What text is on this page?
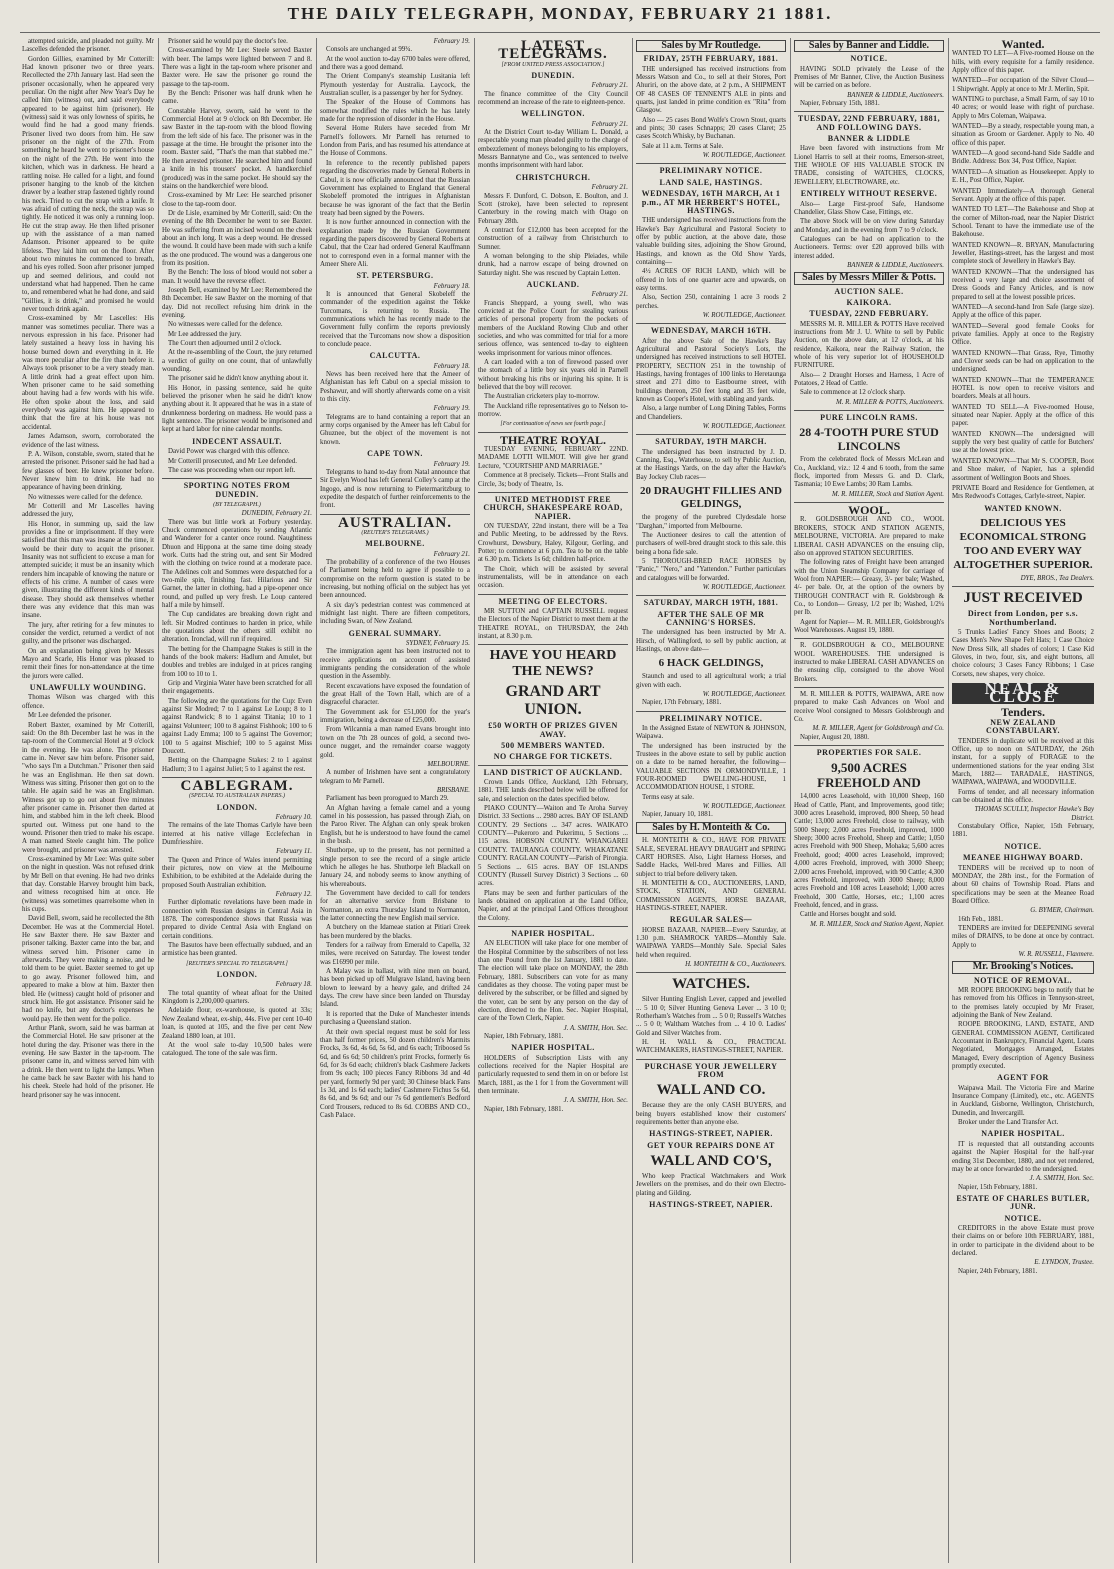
THE DAILY TELEGRAPH, MONDAY, FEBRUARY 21 1881.

attempted suicide, and pleaded not guilty. Mr Lascelles defended the prisoner.

Gordon Gillies, examined by Mr Cotterill: Had known prisoner two or three years. Recollected the 27th January last. Had seen the prisoner occasionally, when he appeared very peculiar. On the night after New Year's Day he called him (witness) out, and said everybody appeared to be against him (prisoner). He (witness) said it was only lowness of spirits, he would find he had a good many friends. Prisoner lived two doors from him. He saw prisoner on the night of the 27th. From something he heard he went to prisoner's house on the night of the 27th. He went into the kitchen, which was in darkness. He heard a rattling noise. He called for a light, and found prisoner hanging to the knob of the kitchen drawer by a leather strap fastened tightly round his neck. Tried to cut the strap with a knife. It was afraid of cutting the neck, the strap was so tightly. He noticed it was only a running loop. He cut the strap away. He then lifted prisoner up with the assistance of a man named Adamson. Prisoner appeared to be quite lifeless. They laid him out on the floor. After about two minutes he commenced to breath, and his eyes rolled. Soon after prisoner jumped up and seemed delirious, and could not understand what had happened. Then he came to, and remembered what he had done, and said "Gillies, it is drink," and promised he would never touch drink again.

Cross-examined by Mr Lascelles: His manner was sometimes peculiar. There was a nervous expression in his face. Prisoner had lately sustained a heavy loss in having his house burned down and everything in it. He was more peculiar after the fire than before it. Always took prisoner to be a very steady man. A little drink had a great effect upon him. When prisoner came to he said something about having had a few words with his wife. He often spoke about the loss, and said everybody was against him. He appeared to think that the fire at his house was not accidental.

James Adamson, sworn, corroborated the evidence of the last witness.

P. A. Wilson, constable, sworn, stated that he arrested the prisoner. Prisoner said he had had a few glasses of beer. He knew prisoner before. Never knew him to drink. He had no appearance of having been drinking.

No witnesses were called for the defence.

Mr Cotterill and Mr Lascelles having addressed the jury,

His Honor, in summing up, said the law provides a fine or imprisonment. If they were satisfied that this man was insane at the time, it would be their duty to acquit the prisoner. Insanity was not sufficient to excuse a man for attempted suicide; it must be an insanity which renders him incapable of knowing the nature or effects of his crime. A number of cases were given, illustrating the different kinds of mental disease. They should ask themselves whether there was any evidence that this man was insane.

The jury, after retiring for a few minutes to consider the verdict, returned a verdict of not guilty, and the prisoner was discharged.

On an explanation being given by Messrs Mayo and Scarle, His Honor was pleased to remit their fines for non-attendance at the time the jurors were called.

UNLAWFULLY WOUNDING.

Thomas Wilson was charged with this offence.

Mr Lee defended the prisoner.

Robert Baxter, examined by Mr Cotterill, said: On the 8th December last he was in the tap-room of the Commercial Hotel at 9 o'clock in the evening. He was alone. The prisoner came in. Never saw him before. Prisoner said, "who says I'm a Dutchman." Prisoner then said he was an Englishman. He then sat down. Witness was sitting. Prisoner then got on to the table. He again said he was an Englishman. Witness got up to go out about five minutes after prisoner came in. Prisoner then darted at him, and stabbed him in the left cheek. Blood spurted out. Witness put one hand to the wound. Prisoner then tried to make his escape. A man named Steele caught him. The police were brought, and prisoner was arrested.

Cross-examined by Mr Lee: Was quite sober on the night in question. Was not refused drink by Mr Bell on that evening. He had two drinks that day. Constable Harvey brought him back, and witness recognised him at once. He (witness) was sometimes quarrelsome when in his cups.

David Bell, sworn, said he recollected the 8th December. He was at the Commercial Hotel. He saw Baxter there. He saw Baxter and prisoner talking. Baxter came into the bar, and witness served him. Prisoner came in afterwards. They were making a noise, and he told them to be quiet. Baxter seemed to get up to go away. Prisoner followed him, and appeared to make a blow at him. Baxter then bled. He (witness) caught hold of prisoner and struck him. He got assistance. Prisoner said he had no knife, but any doctor's expenses he would pay. He then went for the police.

Arthur Plank, sworn, said he was barman at the Commercial Hotel. He saw prisoner at the hotel during the day. Prisoner was there in the evening. He saw Baxter in the tap-room. The prisoner came in, and witness served him with a drink. He then went to light the lamps. When he came back he saw Baxter with his hand to his cheek. Steele had hold of the prisoner. He heard prisoner say he was innocent.

Prisoner said he would pay the doctor's fee.

Cross-examined by Mr Lee: Steele served Baxter with beer. The lamps were lighted between 7 and 8. There was a light in the tap-room where prisoner and Baxter were. He saw the prisoner go round the passage to the tap-room.

By the Bench: Prisoner was half drunk when he came.

Constable Harvey, sworn, said he went to the Commercial Hotel at 9 o'clock on 8th December. He saw Baxter in the tap-room with the blood flowing from the left side of his face. The prisoner was in the passage at the time. He brought the prisoner into the room. Baxter said, "That's the man that stabbed me." He then arrested prisoner. He searched him and found a knife in his trousers' pocket. A handkerchief (produced) was in the same pocket. He should say the stains on the handkerchief were blood.

Cross-examined by Mr Lee: He searched prisoner close to the tap-room door.

Dr de Lisle, examined by Mr Cotterill, said: On the evening of the 8th December he went to see Baxter. He was suffering from an incised wound on the cheek about an inch long. It was a deep wound. He dressed the wound. It could have been made with such a knife as the one produced. The wound was a dangerous one from its position.

By the Bench: The loss of blood would not sober a man. It would have the reverse effect.

Joseph Bell, examined by Mr Lee: Remembered the 8th December. He saw Baxter on the morning of that day. Did not recollect refusing him drink in the evening.

No witnesses were called for the defence.

Mr Lee addressed the jury.

The Court then adjourned until 2 o'clock.

At the re-assembling of the Court, the jury returned a verdict of guilty on one count, that of unlawfully wounding.

The prisoner said he didn't know anything about it.

His Honor, in passing sentence, said he quite believed the prisoner when he said he didn't know anything about it. It appeared that he was in a state of drunkenness bordering on madness. He would pass a light sentence. The prisoner would be imprisoned and kept at hard labor for nine calendar months.

INDECENT ASSAULT.

David Power was charged with this offence.

Mr Cotterill prosecuted, and Mr Lee defended.

The case was proceeding when our report left.

SPORTING NOTES FROM DUNEDIN.
(BY TELEGRAPH.)
DUNEDIN, February 21.

There was but little work at Forbury yesterday. Chuck commenced operations by sending Atlantic and Wanderer for a canter once round. Naughtiness Dhuon and Hippona at the same time doing steady work. Cutts had the string out, and sent Sir Modred with the clothing on twice round at a moderate pace. The Adelines colt and Sommes were despatched for a two-mile spin, finishing fast. Hilarious and Sir Garnet, the latter in clothing, had a pipe-opener once round, and pulled up very fresh. Le Loup cantered half a mile by himself.

The Cup candidates are breaking down right and left. Sir Modred continues to harden in price, while the quotations about the others still exhibit no alteration. Ironclad, will run if required.

The betting for the Champagne Stakes is still in the hands of the book makers: Hadlum and Amulet, but doubles and trebles are indulged in at prices ranging from 100 to 10 to 1.

Grip and Virginia Water have been scratched for all their engagements.

The following are the quotations for the Cup: Even against Sir Modred; 7 to 1 against Le Loup; 8 to 1 against Randwick; 8 to 1 against Titania; 10 to 1 against Volunteer; 100 to 8 against Fishhook; 100 to 6 against Lady Emma; 100 to 5 against The Governor; 100 to 5 against Mischief; 100 to 5 against Miss Doucett.

Betting on the Champagne Stakes: 2 to 1 against Hadlum; 3 to 1 against Juliet; 5 to 1 against the rest.

CABLEGRAM.
(SPECIAL TO AUSTRALIAN PAPERS.)
LONDON.
February 10.

The remains of the late Thomas Carlyle have been interred at his native village Ecclefechan in Dumfriesshire.

February 11.

The Queen and Prince of Wales intend permitting their pictures, now on view at the Melbourne Exhibition, to be exhibited at the Adelaide during the proposed South Australian exhibition.

February 12.

Further diplomatic revelations have been made in connection with Russian designs in Central Asia in 1878. The correspondence shows that Russia was prepared to divide Central Asia with England on certain conditions.

The Basutos have been effectually subdued, and an armistice has been granted.

[REUTER'S SPECIAL TO TELEGRAPH.]
LONDON.
February 18.

The total quantity of wheat afloat for the United Kingdom is 2,200,000 quarters.

Adelaide flour, ex-warehouse, is quoted at 33s; New Zealand wheat, ex-ship, 44s. Five per cent 10-40 loan, is quoted at 105, and the five per cent New Zealand 1880 loan, at 101.

At the wool sale to-day 10,500 bales were catalogued. The tone of the sale was firm.

February 19.

Consols are unchanged at 99¾.

At the wool auction to-day 6700 bales were offered, and there was a good demand.

The Orient Company's steamship Lusitania left Plymouth yesterday for Australia. Laycock, the Australian sculler, is a passenger by her for Sydney.

The Speaker of the House of Commons has somewhat modified the rules which he has lately made for the repression of disorder in the House.

Several Home Rulers have seceded from Mr Parnell's followers. Mr Parnell has returned to London from Paris, and has resumed his attendance at the House of Commons.

In reference to the recently published papers regarding the discoveries made by General Roberts in Cabul, it is now officially announced that the Russian Government has explained to England that General Skobeleff promoted the intrigues in Afghanistan because he was ignorant of the fact that the Berlin treaty had been signed by the Powers.

It is now further announced in connection with the explanation made by the Russian Government regarding the papers discovered by General Roberts at Cabul, that the Czar had ordered General Kauffmann not to correspond even in a formal manner with the Ameer Shere Ali.

ST. PETERSBURG.
February 18.

It is announced that General Skobeleff the commander of the expedition against the Tekke Turcomans, is returning to Russia. The communications which he has recently made to the Government fully confirm the reports previously received that the Turcomans now show a disposition to conclude peace.

CALCUTTA.
February 18.

News has been received here that the Ameer of Afghanistan has left Cabul on a special mission to Peshawur, and will shortly afterwards come on a visit to this city.

February 19.

Telegrams are to hand containing a report that an army corps organised by the Ameer has left Cabul for Ghuznee, but the object of the movement is not known.

CAPE TOWN.
February 19.

Telegrams to hand to-day from Natal announce that Sir Evelyn Wood has left General Colley's camp at the Ingogo, and is now returning to Pietermaritzburg to expedite the despatch of further reinforcements to the front.

AUSTRALIAN.
(REUTER'S TELEGRAMS.)
MELBOURNE.
February 21.

The probability of a conference of the two Houses of Parliament being held to agree if possible to a compromise on the reform question is stated to be increasing, but nothing official on the subject has yet been announced.

A six day's pedestrian contest was commenced at midnight last night. There are fifteen competitors, including Swan, of New Zealand.

GENERAL SUMMARY.
SYDNEY, February 15.

The immigration agent has been instructed not to receive applications on account of assisted immigrants pending the consideration of the whole question in the Assembly.

Recent excavations have exposed the foundation of the great Hall of the Town Hall, which are of a disgraceful character.

The Government ask for £51,000 for the year's immigration, being a decrease of £25,000.

From Wilcannia a man named Evans brought into town on the 7th 28 ounces of gold, a second two-ounce nugget, and the remainder coarse waggoty gold.

MELBOURNE.

A number of Irishmen have sent a congratulatory telegram to Mr Parnell.

BRISBANE.

Parliament has been prorogued to March 29.

An Afghan having a female camel and a young camel in his possession, has passed through Ziah, on the Paroo River. The Afghan can only speak broken English, but he is understood to have found the camel in the bush.

Shuthorpe, up to the present, has not permitted a single person to see the record of a single article which he alleges he has. Shuthorpe left Blackall on January 24, and nobody seems to know anything of his whereabouts.

The Government have decided to call for tenders for an alternative service from Brisbane to Normanton, an extra Thursday Island to Normanton, the latter connecting the new English mail service.

A butchery on the Idameae station at Pitiari Creek has been murdered by the blacks.

Tenders for a railway from Emerald to Capella, 32 miles, were received on Saturday. The lowest tender was £16990 per mile.

A Malay was in ballast, with nine men on board, has been picked up off Mulgrave Island, having been blown to leeward by a heavy gale, and drifted 24 days. The crew have since been landed on Thursday Island.

It is reported that the Duke of Manchester intends purchasing a Queensland station.

At their own special request must be sold for less than half former prices, 50 dozen children's Marmits Frocks, 3s 6d, 4s 6d, 5s 6d, and 6s each; Triboosed 5s 6d, and 6s 6d; 50 children's print Frocks, formerly 6s 6d, for 3s 6d each; children's black Cashmere Jackets from 9s each; 100 pieces Fancy Ribbons 3d and 4d per yard, formerly 9d per yard; 30 Chinese black Fans 1s 3d, and 1s 6d each; ladies' Cashmere Fichus 5s 6d, 8s 6d, and 9s 6d; and our 7s 6d gentlemen's Bedford Cord Trousers, reduced to 8s 6d. COBBS AND CO., Cash Palace.

LATEST TELEGRAMS.
[FROM UNITED PRESS ASSOCIATION.]
DUNEDIN.
February 21.

The finance committee of the City Council recommend an increase of the rate to eighteen-pence.

WELLINGTON.
February 21.

At the District Court to-day William L. Donald, a respectable young man pleaded guilty to the charge of embezzlement of moneys belonging to his employers, Messrs Bannatyne and Co., was sentenced to twelve months imprisonment with hard labor.

CHRISTCHURCH.
February 21.

Messrs F. Dunford, C. Dobson, E. Boulton, and J. Scott (stroke), have been selected to represent Canterbury in the rowing match with Otago on February 28th.

A contract for £12,000 has been accepted for the construction of a railway from Christchurch to Sumner.

A woman belonging to the ship Pleiades, while drunk, had a narrow escape of being drowned on Saturday night. She was rescued by Captain Letten.

AUCKLAND.
February 21.

Francis Sheppard, a young swell, who was convicted at the Police Court for stealing various articles of personal property from the pockets of members of the Auckland Rowing Club and other societies, and who was committed for trial for a more serious offence, was sentenced to-day to eighteen weeks imprisonment for various minor offences.

A cart loaded with a ton of firewood passed over the stomach of a little boy six years old in Parnell without breaking his ribs or injuring his spine. It is believed that the boy will recover.

The Australian cricketers play to-morrow.

The Auckland rifle representatives go to Nelson to-morrow.

[For continuation of news see fourth page.]
THEATRE ROYAL.

TUESDAY EVENING, FEBRUARY 22ND. MADAME LOTTI WILMOT. Will give her grand Lecture, "COURTSHIP AND MARRIAGE."

Commence at 8 precisely. Tickets—Front Stalls and Circle, 3s; body of Theatre, 1s.

UNITED METHODIST FREE CHURCH, SHAKESPEARE ROAD, NAPIER.

ON TUESDAY, 22nd instant, there will be a Tea and Public Meeting, to be addressed by the Revs. Crowhurst, Dewsbury, Haley, Kilgour, Gerling, and Potter; to commence at 6 p.m. Tea to be on the table at 6.30 p.m. Tickets 1s 6d; children half-price.

The Choir, which will be assisted by several instrumentalists, will be in attendance on each occasion.

MEETING OF ELECTORS.

MR SUTTON and CAPTAIN RUSSELL request the Electors of the Napier District to meet them at the THEATRE ROYAL, on THURSDAY, the 24th instant, at 8.30 p.m.

HAVE YOU HEARD THE NEWS?
GRAND ART UNION.
£50 WORTH OF PRIZES GIVEN AWAY.
500 MEMBERS WANTED.
NO CHARGE FOR TICKETS.
LAND DISTRICT OF AUCKLAND.

Crown Lands Office, Auckland, 12th February, 1881. THE lands described below will be offered for sale, and selection on the dates specified below.

PIAKO COUNTY—Waiton and Te Aroha Survey District. 33 Sections ... 2980 acres. BAY OF ISLAND COUNTY. 29 Sections ... 347 acres. WAIKATO COUNTY—Pukeroro and Pukerimu, 5 Sections ... 115 acres. HOBSON COUNTY. WHANGAREI COUNTY. TAURANGA COUNTY. WHAKATANE COUNTY. RAGLAN COUNTY—Parish of Pirongia. 5 Sections ... 615 acres. BAY OF ISLANDS COUNTY (Russell Survey District) 3 Sections ... 60 acres.

Plans may be seen and further particulars of the lands obtained on application at the Land Office, Napier, and at the principal Land Offices throughout the Colony.

NAPIER HOSPITAL.

AN ELECTION will take place for one member of the Hospital Committee by the subscribers of not less than one Pound from the 1st January, 1881 to date. The election will take place on MONDAY, the 28th February, 1881. Subscribers can vote for as many candidates as they choose. The voting paper must be delivered by the subscriber, or be filled and signed by the voter, can be sent by any person on the day of election, directed to the Hon. Sec. Napier Hospital, care of the Town Clerk, Napier.

J. A. SMITH, Hon. Sec.

Napier, 18th February, 1881.

NAPIER HOSPITAL.

HOLDERS of Subscription Lists with any collections received for the Napier Hospital are particularly requested to send them in on or before 1st March, 1881, as the 1 for 1 from the Government will then terminate.

J. A. SMITH, Hon. Sec.

Napier, 18th February, 1881.

Sales by Mr Routledge.
FRIDAY, 25TH FEBRUARY, 1881.

THE undersigned has received instructions from Messrs Watson and Co., to sell at their Stores, Port Ahuriri, on the above date, at 2 p.m., A SHIPMENT OF 48 CASES OF TENNENT'S ALE in pints and quarts, just landed in prime condition ex "Rita" from Glasgow.

Also — 25 cases Bond Wolfe's Crown Stout, quarts and pints; 30 cases Schnapps; 20 cases Claret; 25 cases Scotch Whisky, by Buchanan.

Sale at 11 a.m. Terms at Sale.

W. ROUTLEDGE, Auctioneer.
PRELIMINARY NOTICE.
LAND SALE, HASTINGS.
WEDNESDAY, 16TH MARCH, At 1 p.m., AT MR HERBERT'S HOTEL, HASTINGS.

THE undersigned has received instructions from the Hawke's Bay Agricultural and Pastoral Society to offer by public auction, at the above date, those valuable building sites, adjoining the Show Ground, Hastings, and known as the Old Show Yards, containing—

4½ ACRES OF RICH LAND, which will be offered in lots of one quarter acre and upwards, on easy terms.

Also, Section 250, containing 1 acre 3 roods 2 perches.

W. ROUTLEDGE, Auctioneer.
WEDNESDAY, MARCH 16TH.

After the above Sale of the Hawke's Bay Agricultural and Pastoral Society's Lots, the undersigned has received instructions to sell HOTEL PROPERTY, SECTION 251 in the township of Hastings, having frontages of 100 links to Heretaunga street and 271 ditto to Eastbourne street, with buildings thereon, 250 feet long and 35 feet wide, known as Cooper's Hotel, with stabling and yards.

Also, a large number of Long Dining Tables, Forms and Chandeliers.

W. ROUTLEDGE, Auctioneer.
SATURDAY, 19TH MARCH.

The undersigned has been instructed by J. D. Canning, Esq., Waterhouse, to sell by Public Auction, at the Hastings Yards, on the day after the Hawke's Bay Jockey Club races—

20 DRAUGHT FILLIES AND GELDINGS,

the progeny of the purebred Clydesdale horse "Darghan," imported from Melbourne.

The Auctioneer desires to call the attention of purchasers of well-bred draught stock to this sale. this being a bona fide sale.

5 THOROUGH-BRED RACE HORSES by "Panic," "Nero," and "Yattendon." Further particulars and catalogues will be forwarded.

W. ROUTLEDGE, Auctioneer.
SATURDAY, MARCH 19TH, 1881.
AFTER THE SALE OF MR CANNING'S HORSES.

The undersigned has been instructed by Mr A. Hirsch, of Wallingford, to sell by public auction, at Hastings, on above date—

6 HACK GELDINGS,

Staunch and used to all agricultural work; a trial given with each.

W. ROUTLEDGE, Auctioneer.

Napier, 17th February, 1881.

PRELIMINARY NOTICE.

In the Assigned Estate of NEWTON & JOHNSON, Waipawa.

The undersigned has been instructed by the Trustees in the above estate to sell by public auction on a date to be named hereafter, the following—VALUABLE SECTIONS IN ORMONDVILLE, 1 FOUR-ROOMED DWELLING-HOUSE, 1 ACCOMMODATION HOUSE, 1 STORE.

Terms easy at sale.

W. ROUTLEDGE, Auctioneer.

Napier, January 10, 1881.

Sales by H. Monteith & Co.

H. MONTEITH & CO., HAVE FOR PRIVATE SALE, SEVERAL HEAVY DRAUGHT and SPRING CART HORSES. Also, Light Harness Horses, and Saddle Hacks, Well-bred Mares and Fillies. All subject to trial before delivery taken.

H. MONTEITH & CO., AUCTIONEERS, LAND, STOCK, STATION, AND GENERAL COMMISSION AGENTS, HORSE BAZAAR, HASTINGS-STREET, NAPIER.

REGULAR SALES—

HORSE BAZAAR, NAPIER—Every Saturday, at 1.30 p.m. SHAMROCK YARDS—Monthly Sale. WAIPAWA YARDS—Monthly Sale. Special Sales held when required.

H. MONTEITH & CO., Auctioneers.
WATCHES.

Silver Hunting English Lever, capped and jewelled ... 5 10 0; Silver Hunting Geneva Lever ... 3 10 0; Rotherham's Watches from ... 5 0 0; Russell's Watches ... 5 0 0; Waltham Watches from ... 4 10 0. Ladies' Gold and Silver Watches from.

H. H. WALL & CO., PRACTICAL WATCHMAKERS, HASTINGS-STREET, NAPIER.

PURCHASE YOUR JEWELLERY FROM
WALL AND CO.

Because they are the only CASH BUYERS, and being buyers established know their customers' requirements better than anyone else.

HASTINGS-STREET, NAPIER.
GET YOUR REPAIRS DONE AT
WALL AND CO'S,

Who keep Practical Watchmakers and Work Jewellers on the premises, and do their own Electro-plating and Gilding.

HASTINGS-STREET, NAPIER.
Sales by Banner and Liddle.
NOTICE.

HAVING SOLD privately the Lease of the Premises of Mr Banner, Clive, the Auction Business will be carried on as before.

BANNER & LIDDLE, Auctioneers.

Napier, February 15th, 1881.

TUESDAY, 22ND FEBRUARY, 1881, AND FOLLOWING DAYS.
BANNER & LIDDLE

Have been favored with instructions from Mr Lionel Harris to sell at their rooms, Emerson-street, THE WHOLE OF HIS VALUABLE STOCK IN TRADE, consisting of WATCHES, CLOCKS, JEWELLERY, ELECTROWARE, etc.

ENTIRELY WITHOUT RESERVE.

Also— Large First-proof Safe, Handsome Chandelier, Glass Show Case, Fittings, etc.

The above Stock will be on view during Saturday and Monday, and in the evening from 7 to 9 o'clock.

Catalogues can be had on application to the Auctioneers. Terms: over £20 approved bills with interest added.

BANNER & LIDDLE, Auctioneers.
Sales by Messrs Miller & Potts.
AUCTION SALE.
KAIKORA.
TUESDAY, 22ND FEBRUARY.

MESSRS M. R. MILLER & POTTS Have received instructions from Mr J. U. White to sell by Public Auction, on the above date, at 12 o'clock, at his residence, Kaikora, near the Railway Station, the whole of his very superior lot of HOUSEHOLD FURNITURE.

Also— 2 Draught Horses and Harness, 1 Acre of Potatoes, 2 Head of Cattle.

Sale to commence at 12 o'clock sharp.

M. R. MILLER & POTTS, Auctioneers.
PURE LINCOLN RAMS.
28 4-TOOTH PURE STUD LINCOLNS

From the celebrated flock of Messrs McLean and Co., Auckland, viz.: 12 4 and 6 tooth, from the same flock, imported from Messrs G. and D. Clark, Tasmania; 10 Ewe Lambs; 30 Ram Lambs.

M. R. MILLER, Stock and Station Agent.
WOOL.

R. GOLDSBROUGH AND CO., WOOL BROKERS, STOCK AND STATION AGENTS, MELBOURNE, VICTORIA. Are prepared to make LIBERAL CASH ADVANCES on the ensuing clip, also on approved STATION SECURITIES.

The following rates of Freight have been arranged with the Union Steamship Company for carriage of Wool from NAPIER:— Greasy, 3/- per bale; Washed, 4/- per bale. Or, at the option of the owners by THROUGH CONTRACT with R. Goldsbrough & Co., to London— Greasy, 1/2 per lb; Washed, 1/2¼ per lb.

Agent for Napier— M. R. MILLER, Goldsbrough's Wool Warehouses. August 19, 1880.

R. GOLDSBROUGH & CO., MELBOURNE WOOL WAREHOUSES. THE undersigned is instructed to make LIBERAL CASH ADVANCES on the ensuing clip, consigned to the above Wool Brokers.

M. R. MILLER & POTTS, WAIPAWA, ARE now prepared to make Cash Advances on Wool and receive Wool consigned to Messrs Goldsbrough and Co.

M. R. MILLER, Agent for Goldsbrough and Co.

Napier, August 20, 1880.

PROPERTIES FOR SALE.
9,500 ACRES FREEHOLD AND

14,000 acres Leasehold, with 10,000 Sheep, 160 Head of Cattle, Plant, and Improvements, good title; 3000 acres Leasehold, improved, 800 Sheep, 50 head Cattle; 13,000 acres Freehold, close to railway, with 5000 Sheep; 2,000 acres Freehold, improved, 1000 Sheep; 3000 acres Freehold, Sheep and Cattle; 1,050 acres Freehold with 900 Sheep, Mohaka; 5,600 acres Freehold, good; 4000 acres Leasehold, improved; 4,000 acres Freehold, improved, with 3000 Sheep; 2,000 acres Freehold, improved, with 90 Cattle; 4,300 acres Freehold, improved, with 3000 Sheep; 8,000 acres Freehold and 108 acres Leasehold; 1,000 acres Freehold, 300 Cattle, Horses, etc.; 1,100 acres Freehold, fenced, and in grass.

Cattle and Horses bought and sold.

M. R. MILLER, Stock and Station Agent, Napier.
Wanted.

WANTED TO LET—A Five-roomed House on the hills, with every requisite for a family residence. Apply office of this paper.

WANTED—For occupation of the Silver Cloud—1 Shipwright. Apply at once to Mr J. Merlin, Spit.

WANTING to purchase, a Small Farm, of say 10 to 40 acres; or would lease with right of purchase. Apply to Mrs Coleman, Waipawa.

WANTED—By a steady, respectable young man, a situation as Groom or Gardener. Apply to No. 40 office of this paper.

WANTED—A good second-hand Side Saddle and Bridle. Address: Box 34, Post Office, Napier.

WANTED—A situation as Housekeeper. Apply to E. H., Post Office, Napier.

WANTED Immediately—A thorough General Servant. Apply at the office of this paper.

WANTED TO LET—The Bakehouse and Shop at the corner of Milton-road, near the Napier District School. Tenant to have the immediate use of the Bakehouse.

WANTED KNOWN—R. BRYAN, Manufacturing Jeweller, Hastings-street, has the largest and most complete stock of Jewellery in Hawke's Bay.

WANTED KNOWN—That the undersigned has received a very large and choice assortment of Dress Goods and Fancy Articles, and is now prepared to sell at the lowest possible prices.

WANTED—A second-hand Iron Safe (large size). Apply at the office of this paper.

WANTED—Several good female Cooks for private families. Apply at once to the Registry Office.

WANTED KNOWN—That Grass, Rye, Timothy and Clover seeds can be had on application to the undersigned.

WANTED KNOWN—That the TEMPERANCE HOTEL is now open to receive visitors and boarders. Meals at all hours.

WANTED TO SELL—A Five-roomed House, situated near Napier. Apply at the office of this paper.

WANTED KNOWN—The undersigned will supply the very best quality of cattle for Butchers' use at the lowest price.

WANTED KNOWN—That Mr S. COOPER, Boot and Shoe maker, of Napier, has a splendid assortment of Wellington Boots and Shoes.

PRIVATE Board and Residence for Gentlemen, at Mrs Redwood's Cottages, Carlyle-street, Napier.

WANTED KNOWN.
DELICIOUS YES ECONOMICAL STRONG TOO AND EVERY WAY ALTOGETHER SUPERIOR.
DYE, BROS., Tea Dealers.
JUST RECEIVED
Direct from London, per s.s. Northumberland.

5 Trunks Ladies' Fancy Shoes and Boots; 2 Cases Men's New Shape Felt Hats; 1 Case Choice New Dress Silk, all shades of colors; 1 Case Kid Gloves, in two, four, six, and eight buttons, all choice colours; 3 Cases Fancy Ribbons; 1 Case Corsets, new shapes, very choice.

NEAL & CLOSE
Tenders.
NEW ZEALAND CONSTABULARY.

TENDERS in duplicate will be received at this Office, up to noon on SATURDAY, the 26th instant, for a supply of FORAGE to the undermentioned stations for the year ending 31st March, 1882— TARADALE, HASTINGS, WAIPAWA, WAIPAWA, and WOODVILLE.

Forms of tender, and all necessary information can be obtained at this office.

THOMAS SCULLY, Inspector Hawke's Bay District.

Constabulary Office, Napier, 15th February, 1881.

NOTICE.
MEANEE HIGHWAY BOARD.

TENDERS will be received up to noon of MONDAY, the 28th inst., for the Formation of about 60 chains of Township Road. Plans and specifications may be seen at the Meanee Road Board Office.

G. BYMER, Chairman.

16th Feb., 1881.

TENDERS are invited for DEEPENING several miles of DRAINS, to be done at once by contract. Apply to

W. R. RUSSELL, Flaxmere.
Mr. Brooking's Notices.
NOTICE OF REMOVAL.

MR ROOPE BROOKING begs to notify that he has removed from his Offices in Tennyson-street, to the premises lately occupied by Mr Fraser, adjoining the Bank of New Zealand.

ROOPE BROOKING, LAND, ESTATE, AND GENERAL COMMISSION AGENT, Certificated Accountant in Bankruptcy, Financial Agent, Loans Negotiated, Mortgages Arranged, Estates Managed, Every description of Agency Business promptly executed.

AGENT FOR

Waipawa Mail. The Victoria Fire and Marine Insurance Company (Limited), etc., etc. AGENTS in Auckland, Gisborne, Wellington, Christchurch, Dunedin, and Invercargill.

Broker under the Land Transfer Act.

NAPIER HOSPITAL.

IT is requested that all outstanding accounts against the Napier Hospital for the half-year ending 31st December, 1880, and not yet rendered, may be at once forwarded to the undersigned.

J. A. SMITH, Hon. Sec.

Napier, 15th February, 1881.

ESTATE OF CHARLES BUTLER, JUNR.
NOTICE.

CREDITORS in the above Estate must prove their claims on or before 10th FEBRUARY, 1881, in order to participate in the dividend about to be declared.

E. LYNDON, Trustee.

Napier, 24th February, 1881.
